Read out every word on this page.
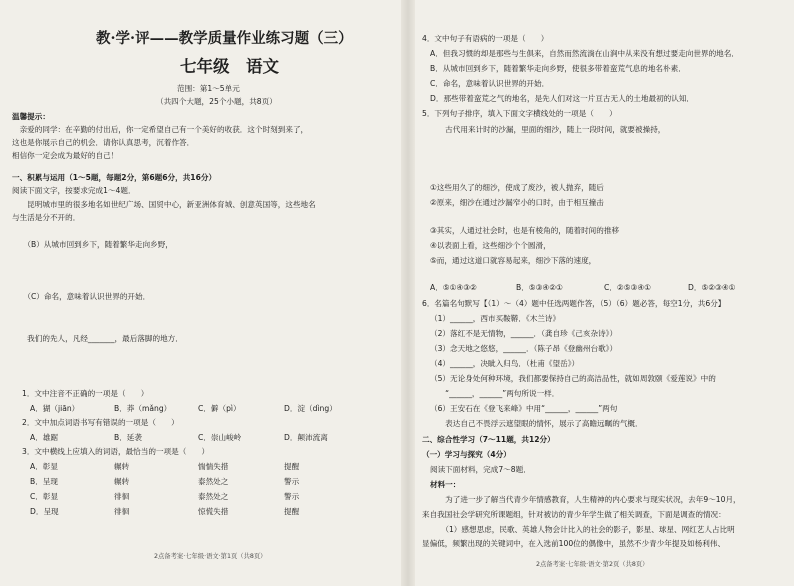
教·学·评——教学质量作业练习题（三）
七年级　语文
范围：第1～5单元
（共四个大题，25个小题，共8页）
温馨提示：
　亲爱的同学：在辛勤的付出后，你一定希望自己有一个美好的收获．这个时刻到来了，
这也是你展示自己的机会．请你认真思考，沉着作答．
相信你一定会成为最好的自己！
一、积累与运用（1～5题，每题2分，第6题6分，共16分）
阅读下面文字，按要求完成1～4题．
　　昆明城市里的很多地名如世纪广场、国贸中心，新亚洲体育城、创意英国等，这些地名
与生活是分不开的．
　　（B）从城市回到乡下，随着繁华走向乡野，
　　（C）命名，意味着认识世界的开始．
　　我们的先人，凡经_______，最后落脚的地方．
1．文中注音不正确的一项是（　　）
A．猢（jiān）	B．莽（mǎng）	C．僻（pì）	D．淀（dìng）
2．文中加点词语书写有错误的一项是（　　）
A．雄踞	B．延袭	C．崇山峻岭	D．颠沛流离
3．文中横线上应填入的词语，最恰当的一项是（　　）
A．彰显	辗转	惴惴失措	提醒
B．呈现	辗转	泰然处之	警示
C．彰显	徘徊	泰然处之	警示
D．呈现	徘徊	惊慌失措	提醒
2点备考案·七年级·语文·第1页（共8页）
4．文中句子有语病的一项是（　　）
A．但我习惯的却是那些与生俱来，自然而然流淌在山涧中从来没有想过要走向世界的地名．
B．从城市回到乡下，随着繁华走向乡野，使很多带着蛮荒气息的地名朴素．
C．命名，意味着认识世界的开始．
D．那些带着蛮荒之气的地名，是先人们对这一片亘古无人的土地最初的认知．
5．下列句子排序，填入下面文字横线处的一项是（　　）
　　古代用来计时的沙漏，里面的细沙，随上一段时间，就要被操持，
①这些用久了的细沙，使成了废沙，被人抛弃，随后
②原来，细沙在通过沙漏窄小的口时，由于相互撞击
③其实，人通过社会时，也是有棱角的，随着时间的推移
④以表面上看，这些细沙个个圆滑，
⑤而，通过这道口就容易起来，细沙下落的速度，
A．⑤①④③②	B．⑤③④②①	C．②⑤③④①	D．⑤②③④①
6．名篇名句默写【（1）～（4）题中任选两题作答，（5）（6）题必答，每空1分，共6分】
（1）______，西市买鞍鞯．《木兰诗》
（2）落红不是无情物，______．（龚自珍《己亥杂诗》）
（3）念天地之悠悠，______．（陈子昂《登幽州台歌》）
（4）______，决眦入归鸟．（杜甫《望岳》）
（5）无论身处何种环境，我们都要保持自己的高洁品性，就如周敦颐《爱莲说》中的
　　“______，______”两句所说一样．
（6）王安石在《登飞来峰》中用“______，______”两句
　　表达自己不畏浮云遮望眼的情怀，展示了高瞻远瞩的气概．
二、综合性学习（7～11题，共12分）
（一）学习与探究（4分）
阅读下面材料，完成7～8题．
材料一：
　　为了进一步了解当代青少年情感教育，人生精神的内心要求与现实状况，去年9～10月，
来自我国社会学研究所课题组，针对被访的青少年学生做了相关调查，下面是调查的情况：
　　（1）感想思虑，民歌、英雄人物会计比入的社会的影子，影星、球星、网红艺人占比明
显偏低，频繁出现的关键词中，在入选前100位的偶像中，虽然不少青少年提及如杨利伟、
2点备考案·七年级·语文·第2页（共8页）
